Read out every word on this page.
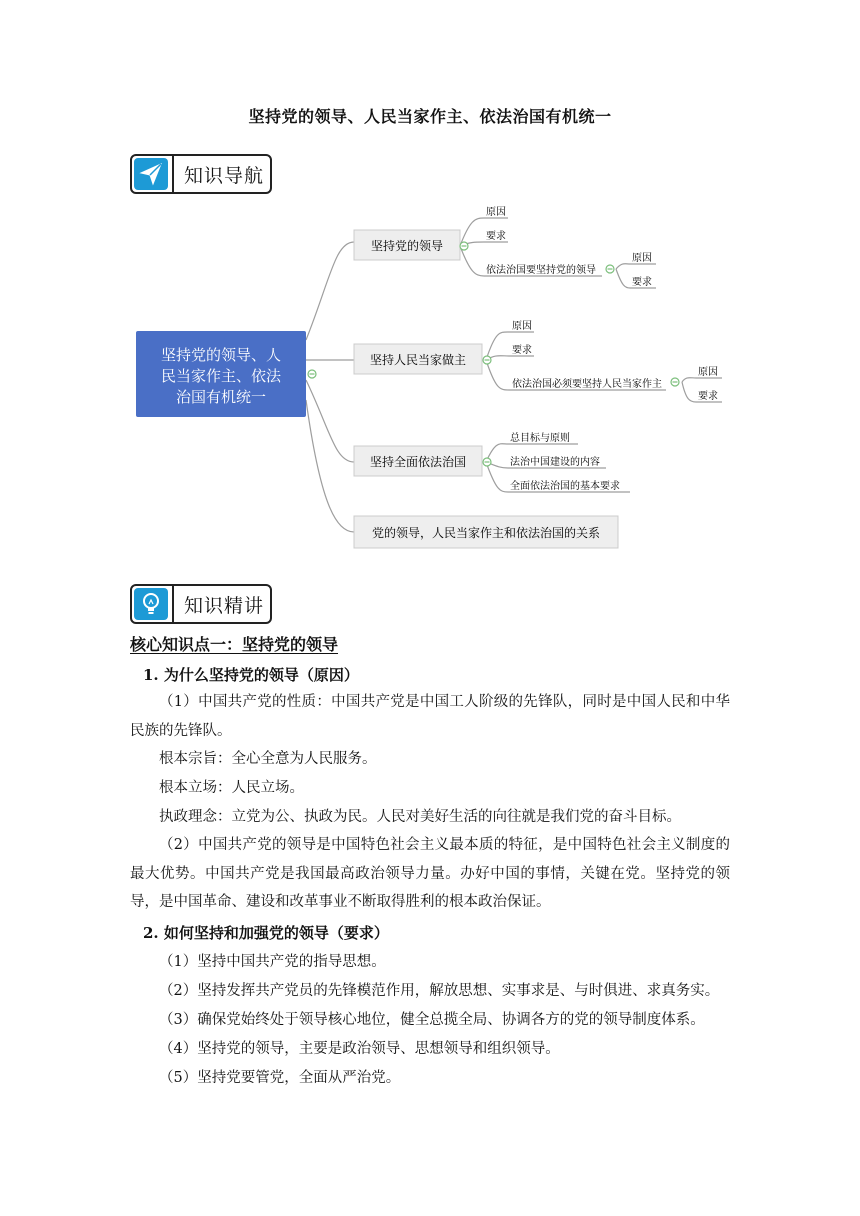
坚持党的领导、人民当家作主、依法治国有机统一
知识导航
坚持党的领导、人
民当家作主、依法
治国有机统一
坚持党的领导
原因
要求
依法治国要坚持党的领导
原因
要求
坚持人民当家做主
原因
要求
依法治国必须要坚持人民当家作主
原因
要求
坚持全面依法治国
总目标与原则
法治中国建设的内容
全面依法治国的基本要求
党的领导，人民当家作主和依法治国的关系
知识精讲
核心知识点一：坚持党的领导
1. 为什么坚持党的领导（原因）

（1）中国共产党的性质：中国共产党是中国工人阶级的先锋队，同时是中国人民和中华民族的先锋队。

根本宗旨：全心全意为人民服务。

根本立场：人民立场。

执政理念：立党为公、执政为民。人民对美好生活的向往就是我们党的奋斗目标。

（2）中国共产党的领导是中国特色社会主义最本质的特征，是中国特色社会主义制度的最大优势。中国共产党是我国最高政治领导力量。办好中国的事情，关键在党。坚持党的领导，是中国革命、建设和改革事业不断取得胜利的根本政治保证。

2. 如何坚持和加强党的领导（要求）

（1）坚持中国共产党的指导思想。

（2）坚持发挥共产党员的先锋模范作用，解放思想、实事求是、与时俱进、求真务实。

（3）确保党始终处于领导核心地位，健全总揽全局、协调各方的党的领导制度体系。

（4）坚持党的领导，主要是政治领导、思想领导和组织领导。

（5）坚持党要管党，全面从严治党。
